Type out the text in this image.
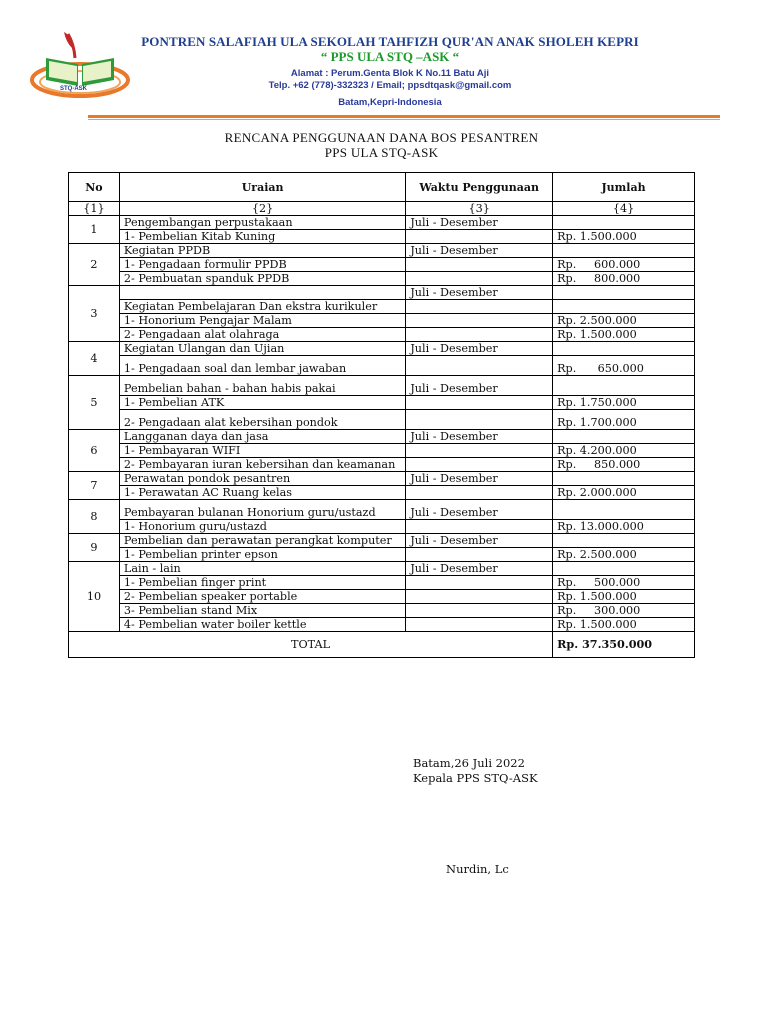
STQ-ASK
PONTREN SALAFIAH ULA SEKOLAH TAHFIZH QUR'AN ANAK SHOLEH KEPRI
“ PPS ULA STQ –ASK “
Alamat : Perum.Genta Blok K No.11 Batu Aji
Telp. +62 (778)-332323 / Email; ppsdtqask@gmail.com
Batam,Kepri-Indonesia
RENCANA PENGGUNAAN DANA BOS PESANTREN
PPS ULA STQ-ASK
No	Uraian	Waktu Penggunaan	Jumlah
{1}	{2}	{3}	{4}
1	Pengembangan perpustakaan	Juli - Desember	
	1- Pembelian Kitab Kuning		Rp. 1.500.000
2	Kegiatan PPDB	Juli - Desember	
	1- Pengadaan formulir PPDB		Rp.     600.000
	2- Pembuatan spanduk PPDB		Rp.     800.000
3		Juli - Desember	
	Kegiatan Pembelajaran Dan ekstra kurikuler		
	1- Honorium Pengajar Malam		Rp. 2.500.000
	2- Pengadaan alat olahraga		Rp. 1.500.000
4	Kegiatan Ulangan dan Ujian	Juli - Desember	
	1- Pengadaan soal dan lembar jawaban		Rp.      650.000
5	Pembelian bahan - bahan habis pakai	Juli - Desember	
	1- Pembelian ATK		Rp. 1.750.000
	2- Pengadaan alat kebersihan pondok		Rp. 1.700.000
6	Langganan daya dan jasa	Juli - Desember	
	1- Pembayaran WIFI		Rp. 4.200.000
	2- Pembayaran iuran kebersihan dan keamanan		Rp.     850.000
7	Perawatan pondok pesantren	Juli - Desember	
	1- Perawatan AC Ruang kelas		Rp. 2.000.000
8	Pembayaran bulanan Honorium guru/ustazd	Juli - Desember	
	1- Honorium guru/ustazd		Rp. 13.000.000
9	Pembelian dan perawatan perangkat komputer	Juli - Desember	
	1- Pembelian printer epson		Rp. 2.500.000
10	Lain - lain	Juli - Desember	
	1- Pembelian finger print		Rp.     500.000
	2- Pembelian speaker portable		Rp. 1.500.000
	3- Pembelian stand Mix		Rp.     300.000
	4- Pembelian water boiler kettle		Rp. 1.500.000
TOTAL			Rp. 37.350.000
Batam,26 Juli 2022
Kepala PPS STQ-ASK
Nurdin, Lc
